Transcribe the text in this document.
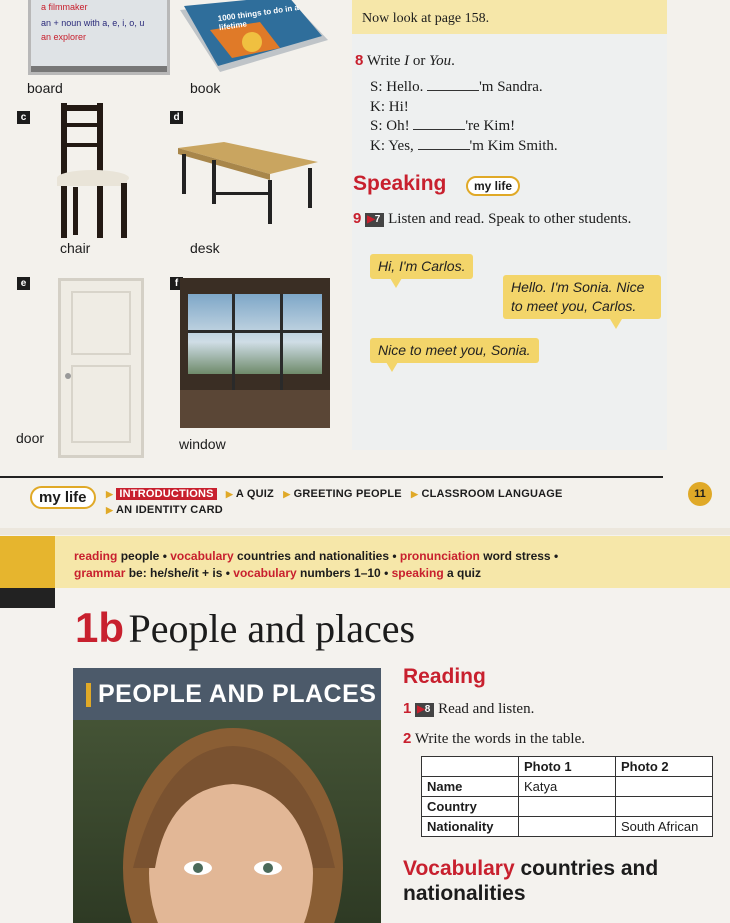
a filmmaker
an + noun with a, e, i, o, u
an explorer
board
1000 things to do in a lifetime
book
c
chair
d
desk
e
door
f
window
Now look at page 158.
8 Write I or You.
S: Hello.	'm Sandra.
K: Hi!
S: Oh!	're Kim!
K: Yes,	'm Kim Smith.
Speaking	my life
9 ▶7 Listen and read. Speak to other students.
Hi, I'm Carlos.
Hello. I'm Sonia. Nice to meet you, Carlos.
Nice to meet you, Sonia.
my life	▶ INTRODUCTIONS ▶ A QUIZ ▶ GREETING PEOPLE ▶ CLASSROOM LANGUAGE
▶ AN IDENTITY CARD
11
reading people • vocabulary countries and nationalities • pronunciation word stress •
grammar be: he/she/it + is • vocabulary numbers 1–10 • speaking a quiz
1b People and places
PEOPLE AND PLACES
Reading
1 ▶8 Read and listen.
2 Write the words in the table.
	Photo 1	Photo 2
Name	Katya	
Country		
Nationality		South African
Vocabulary countries and nationalities
